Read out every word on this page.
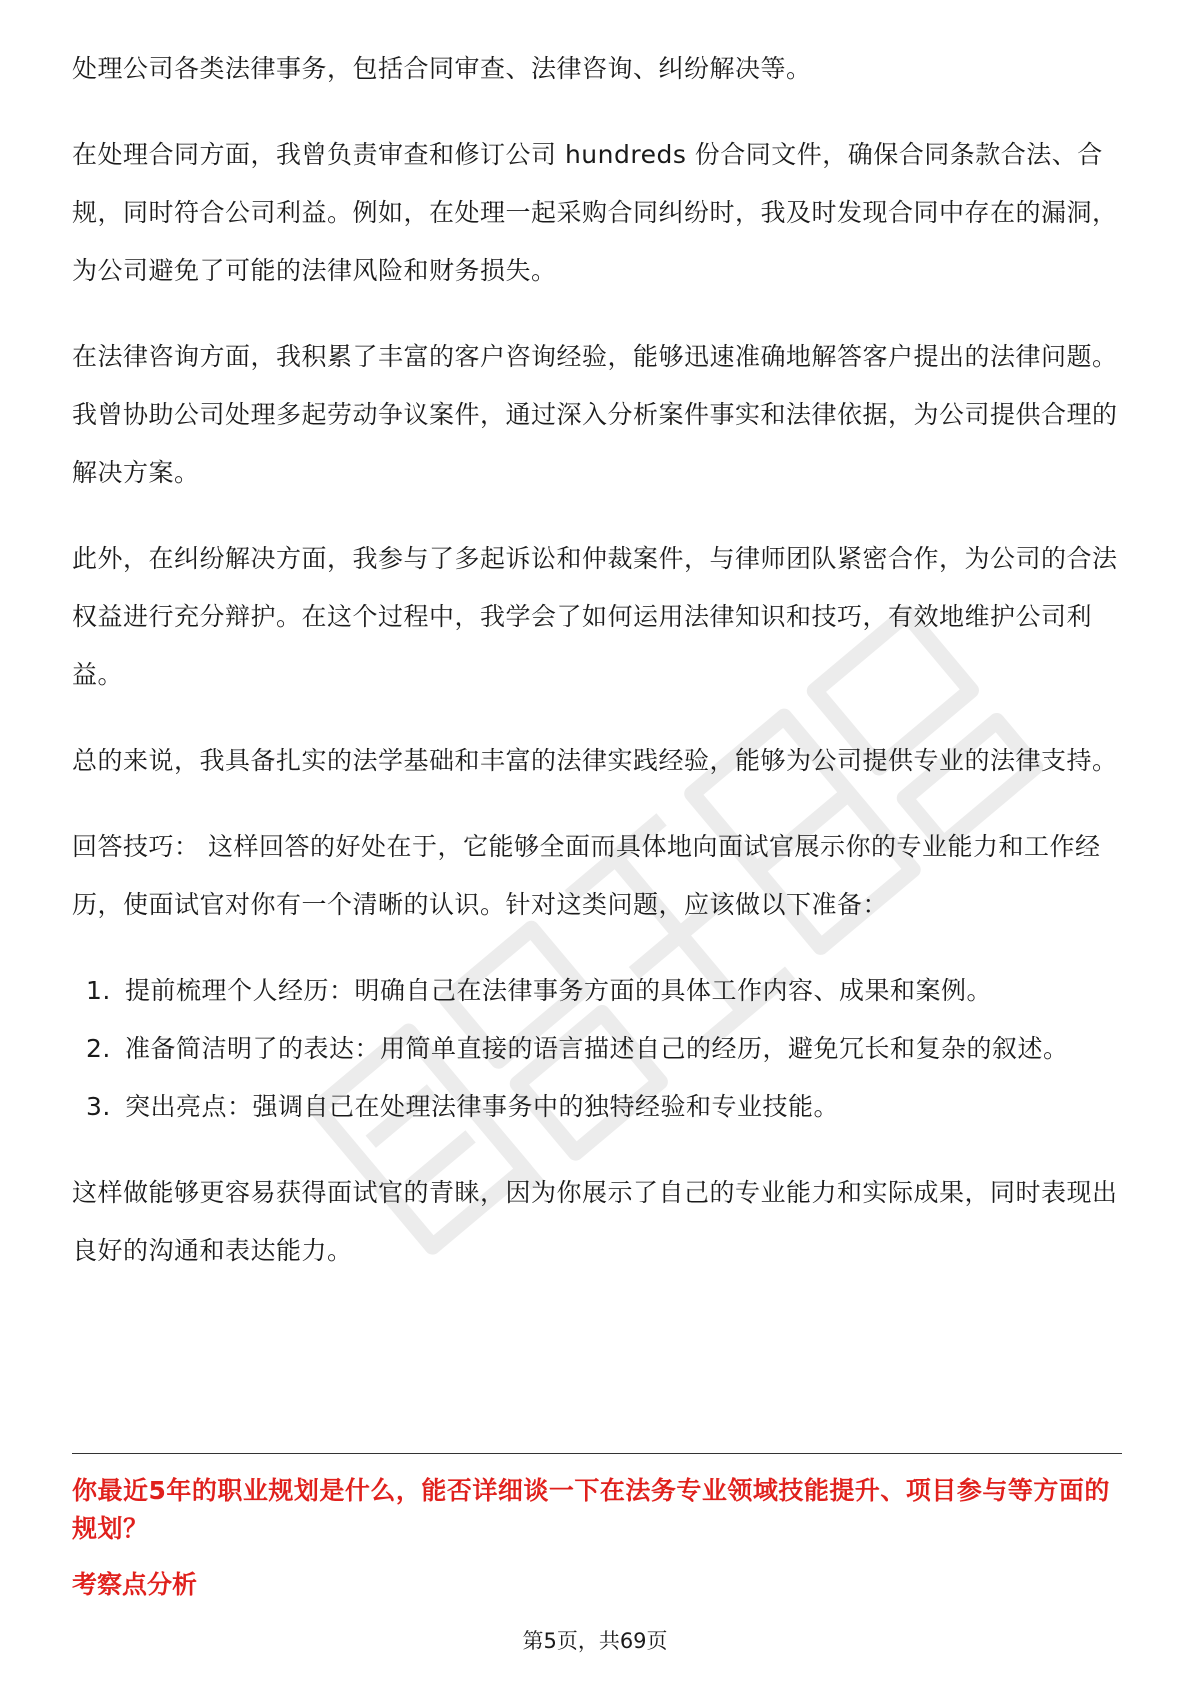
处理公司各类法律事务，包括合同审查、法律咨询、纠纷解决等。

在处理合同方面，我曾负责审查和修订公司 hundreds 份合同文件，确保合同条款合法、合规，同时符合公司利益。例如，在处理一起采购合同纠纷时，我及时发现合同中存在的漏洞，为公司避免了可能的法律风险和财务损失。

在法律咨询方面，我积累了丰富的客户咨询经验，能够迅速准确地解答客户提出的法律问题。我曾协助公司处理多起劳动争议案件，通过深入分析案件事实和法律依据，为公司提供合理的解决方案。

此外，在纠纷解决方面，我参与了多起诉讼和仲裁案件，与律师团队紧密合作，为公司的合法权益进行充分辩护。在这个过程中，我学会了如何运用法律知识和技巧，有效地维护公司利益。

总的来说，我具备扎实的法学基础和丰富的法律实践经验，能够为公司提供专业的法律支持。

回答技巧： 这样回答的好处在于，它能够全面而具体地向面试官展示你的专业能力和工作经历，使面试官对你有一个清晰的认识。针对这类问题，应该做以下准备：

1. 提前梳理个人经历：明确自己在法律事务方面的具体工作内容、成果和案例。
2. 准备简洁明了的表达：用简单直接的语言描述自己的经历，避免冗长和复杂的叙述。
3. 突出亮点：强调自己在处理法律事务中的独特经验和专业技能。

这样做能够更容易获得面试官的青睐，因为你展示了自己的专业能力和实际成果，同时表现出良好的沟通和表达能力。

你最近5年的职业规划是什么，能否详细谈一下在法务专业领域技能提升、项目参与等方面的规划？
考察点分析
第5页，共69页
